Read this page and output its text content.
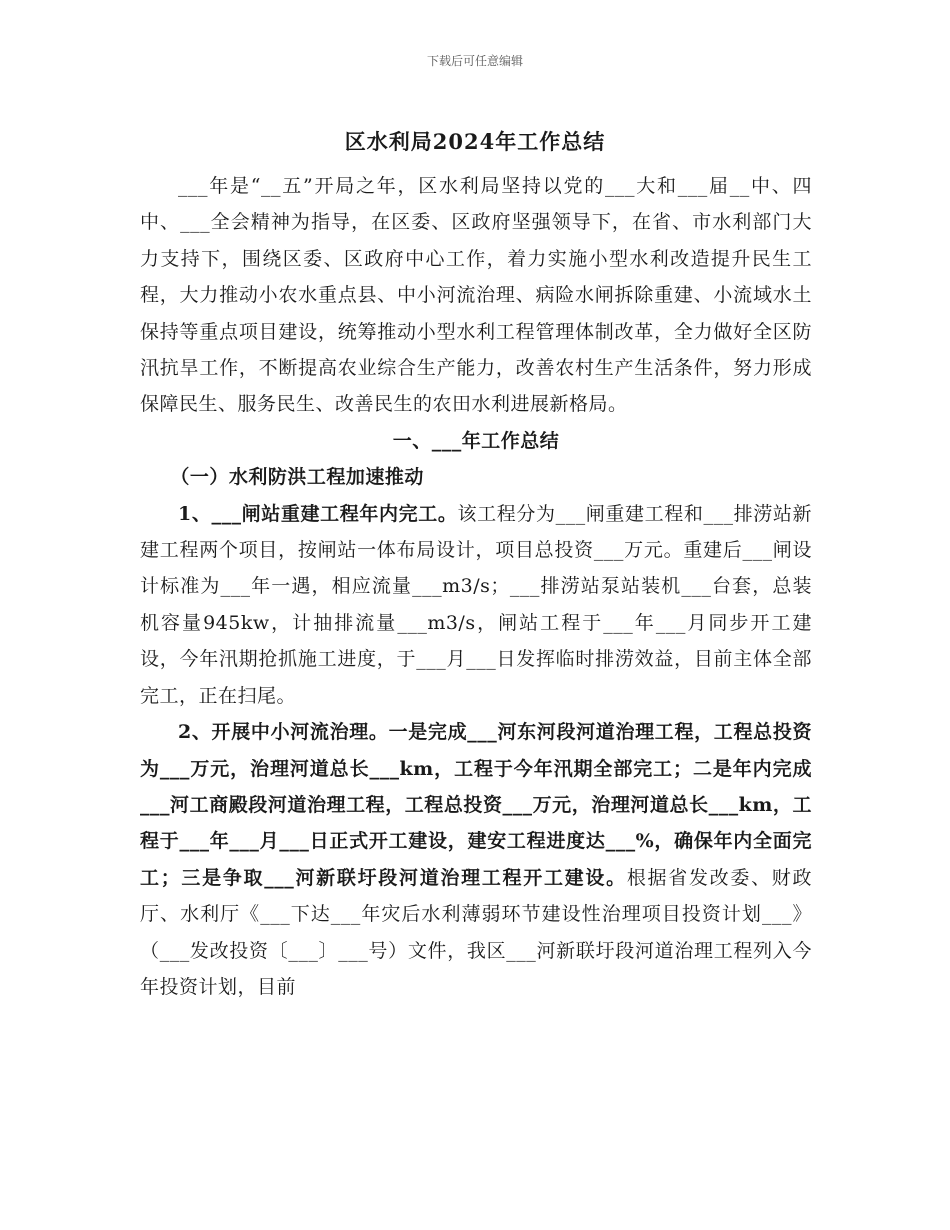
下载后可任意编辑
区水利局2024年工作总结

___年是“__五”开局之年，区水利局坚持以党的___大和___届__中、四中、___全会精神为指导，在区委、区政府坚强领导下，在省、市水利部门大力支持下，围绕区委、区政府中心工作，着力实施小型水利改造提升民生工程，大力推动小农水重点县、中小河流治理、病险水闸拆除重建、小流域水土保持等重点项目建设，统筹推动小型水利工程管理体制改革，全力做好全区防汛抗旱工作，不断提高农业综合生产能力，改善农村生产生活条件，努力形成保障民生、服务民生、改善民生的农田水利进展新格局。

一、___年工作总结

（一）水利防洪工程加速推动

1、___闸站重建工程年内完工。该工程分为___闸重建工程和___排涝站新建工程两个项目，按闸站一体布局设计，项目总投资___万元。重建后___闸设计标准为___年一遇，相应流量___m3/s；___排涝站泵站装机___台套，总装机容量945kw，计抽排流量___m3/s，闸站工程于___年___月同步开工建设，今年汛期抢抓施工进度，于___月___日发挥临时排涝效益，目前主体全部完工，正在扫尾。

2、开展中小河流治理。一是完成___河东河段河道治理工程，工程总投资为___万元，治理河道总长___km，工程于今年汛期全部完工；二是年内完成___河工商殿段河道治理工程，工程总投资___万元，治理河道总长___km，工程于___年___月___日正式开工建设，建安工程进度达___%，确保年内全面完工；三是争取___河新联圩段河道治理工程开工建设。根据省发改委、财政厅、水利厅《___下达___年灾后水利薄弱环节建设性治理项目投资计划___》（___发改投资〔___〕___号）文件，我区___河新联圩段河道治理工程列入今年投资计划，目前
